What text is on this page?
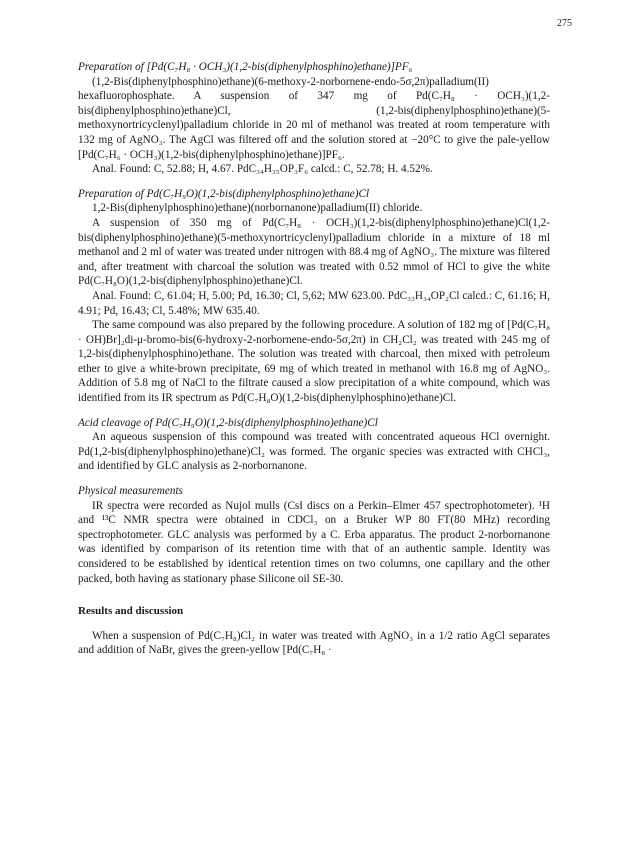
275

Preparation of [Pd(C₇H₈ · OCH₃)(1,2-bis(diphenylphosphino)ethane)]PF₆

(1,2-Bis(diphenylphosphino)ethane)(6-methoxy-2-norbornene-endo-5σ,2π)palladium(II) hexafluorophosphate. A suspension of 347 mg of Pd(C₇H₈ · OCH₃)(1,2-bis(diphenylphosphino)ethane)Cl, (1,2-bis(diphenylphosphino)ethane)(5-methoxynortricyclenyl)palladium chloride in 20 ml of methanol was treated at room temperature with 132 mg of AgNO₃. The AgCl was filtered off and the solution stored at −20°C to give the pale-yellow [Pd(C₇H₆ · OCH₃)(1,2-bis(diphenylphosphino)ethane)]PF₆.

Anal. Found: C, 52.88; H, 4.67. PdC₃₄H₃₅OP₃F₆ calcd.: C, 52.78; H. 4.52%.

Preparation of Pd(C₇H₉O)(1,2-bis(diphenylphosphino)ethane)Cl

1,2-Bis(diphenylphosphino)ethane)(norbornanone)palladium(II) chloride.

A suspension of 350 mg of Pd(C₇H₈ · OCH₃)(1,2-bis(diphenylphosphino)ethane)Cl(1,2-bis(diphenylphosphino)ethane)(5-methoxynortricyclenyl)palladium chloride in a mixture of 18 ml methanol and 2 ml of water was treated under nitrogen with 88.4 mg of AgNO₃. The mixture was filtered and, after treatment with charcoal the solution was treated with 0.52 mmol of HCl to give the white Pd(C₇H₈O)(1,2-bis(diphenylphosphino)ethane)Cl.

Anal. Found: C, 61.04; H, 5.00; Pd, 16.30; Cl, 5,62; MW 623.00. PdC₃₃H₃₄OP₂Cl calcd.: C, 61.16; H, 4.91; Pd, 16.43; Cl, 5.48%; MW 635.40.

The same compound was also prepared by the following procedure. A solution of 182 mg of [Pd(C₇H₈ · OH)Br]₂di-μ-bromo-bis(6-hydroxy-2-norbornene-endo-5σ,2π) in CH₂Cl₂ was treated with 245 mg of 1,2-bis(diphenylphosphino)ethane. The solution was treated with charcoal, then mixed with petroleum ether to give a white-brown precipitate, 69 mg of which treated in methanol with 16.8 mg of AgNO₃. Addition of 5.8 mg of NaCl to the filtrate caused a slow precipitation of a white compound, which was identified from its IR spectrum as Pd(C₇H₈O)(1,2-bis(diphenylphosphino)ethane)Cl.

Acid cleavage of Pd(C₇H₉O)(1,2-bis(diphenylphosphino)ethane)Cl

An aqueous suspension of this compound was treated with concentrated aqueous HCl overnight. Pd(1,2-bis(diphenylphosphino)ethane)Cl₂ was formed. The organic species was extracted with CHCl₃, and identified by GLC analysis as 2-norbornanone.

Physical measurements

IR spectra were recorded as Nujol mulls (CsI discs on a Perkin–Elmer 457 spectrophotometer). ¹H and ¹³C NMR spectra were obtained in CDCl₃ on a Bruker WP 80 FT(80 MHz) recording spectrophotometer. GLC analysis was performed by a C. Erba apparatus. The product 2-norbornanone was identified by comparison of its retention time with that of an authentic sample. Identity was considered to be established by identical retention times on two columns, one capillary and the other packed, both having as stationary phase Silicone oil SE-30.

Results and discussion

When a suspension of Pd(C₇H₈)Cl₂ in water was treated with AgNO₃ in a 1/2 ratio AgCl separates and addition of NaBr, gives the green-yellow [Pd(C₇H₈ ·
